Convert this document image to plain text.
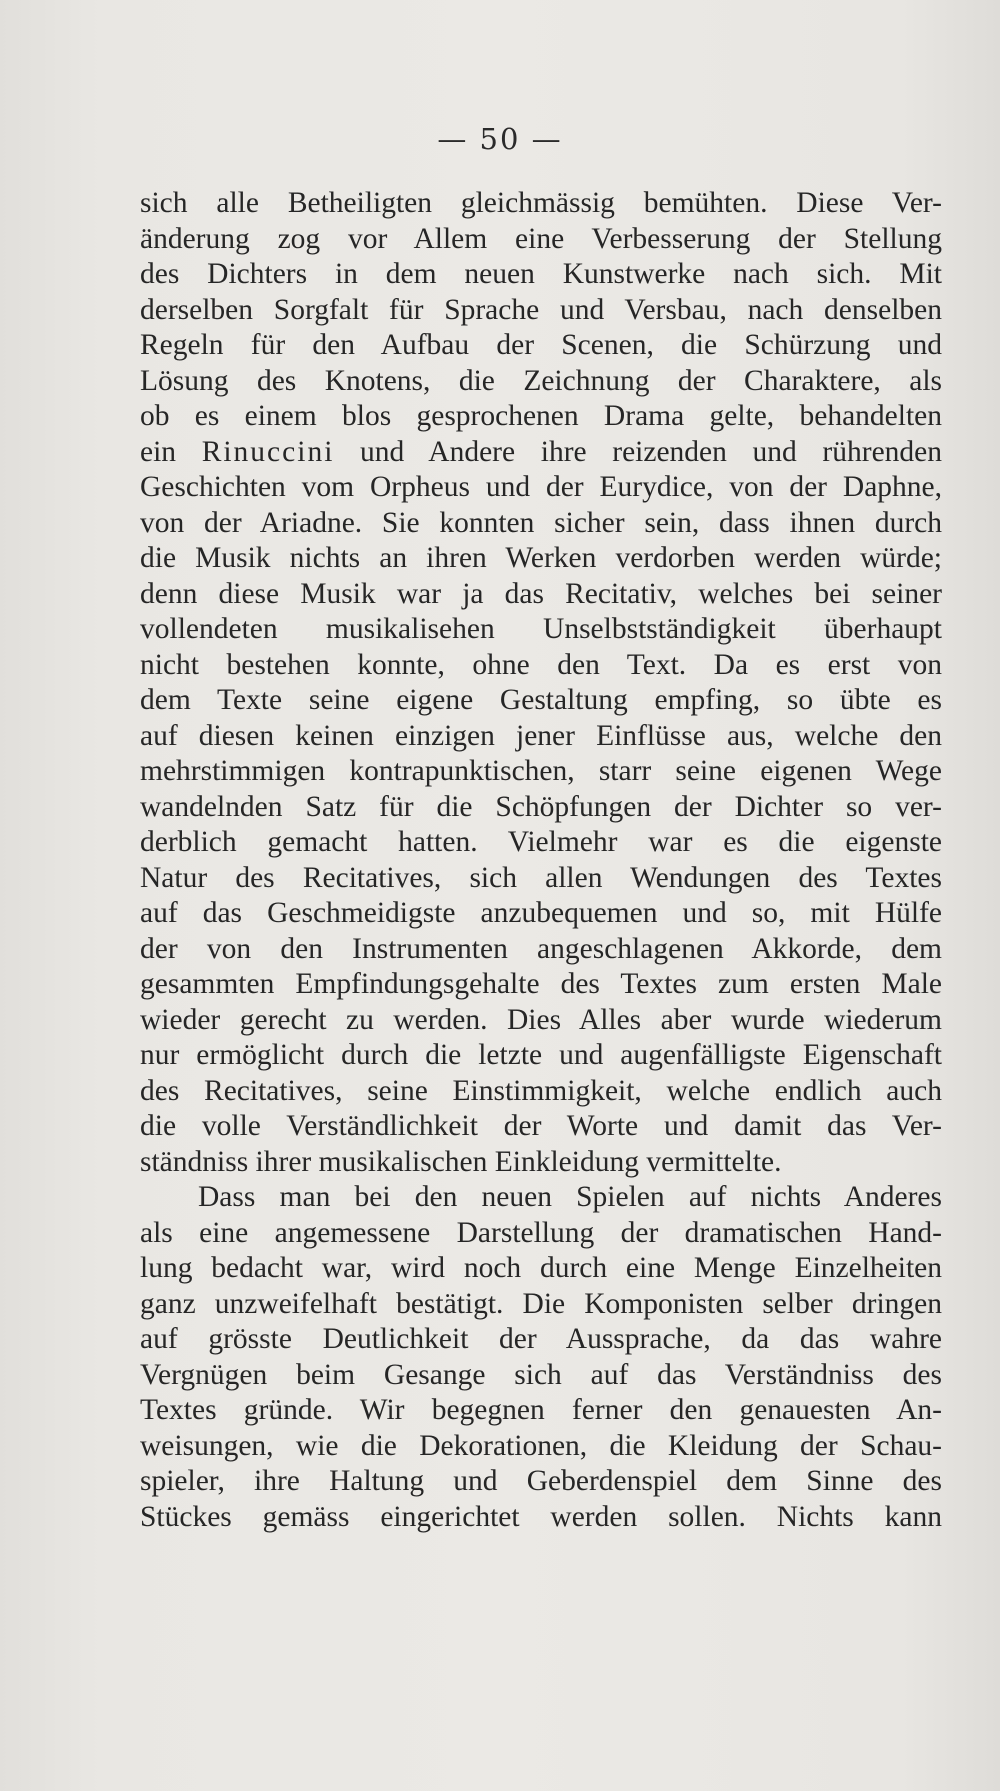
— 50 —
sich alle Betheiligten gleichmässig bemühten. Diese Ver-
änderung zog vor Allem eine Verbesserung der Stellung
des Dichters in dem neuen Kunstwerke nach sich. Mit
derselben Sorgfalt für Sprache und Versbau, nach denselben
Regeln für den Aufbau der Scenen, die Schürzung und
Lösung des Knotens, die Zeichnung der Charaktere, als
ob es einem blos gesprochenen Drama gelte, behandelten
ein Rinuccini und Andere ihre reizenden und rührenden
Geschichten vom Orpheus und der Eurydice, von der Daphne,
von der Ariadne. Sie konnten sicher sein, dass ihnen durch
die Musik nichts an ihren Werken verdorben werden würde;
denn diese Musik war ja das Recitativ, welches bei seiner
vollendeten musikalisehen Unselbstständigkeit überhaupt
nicht bestehen konnte, ohne den Text. Da es erst von
dem Texte seine eigene Gestaltung empfing, so übte es
auf diesen keinen einzigen jener Einflüsse aus, welche den
mehrstimmigen kontrapunktischen, starr seine eigenen Wege
wandelnden Satz für die Schöpfungen der Dichter so ver-
derblich gemacht hatten. Vielmehr war es die eigenste
Natur des Recitatives, sich allen Wendungen des Textes
auf das Geschmeidigste anzubequemen und so, mit Hülfe
der von den Instrumenten angeschlagenen Akkorde, dem
gesammten Empfindungsgehalte des Textes zum ersten Male
wieder gerecht zu werden. Dies Alles aber wurde wiederum
nur ermöglicht durch die letzte und augenfälligste Eigenschaft
des Recitatives, seine Einstimmigkeit, welche endlich auch
die volle Verständlichkeit der Worte und damit das Ver-
ständniss ihrer musikalischen Einkleidung vermittelte.
Dass man bei den neuen Spielen auf nichts Anderes
als eine angemessene Darstellung der dramatischen Hand-
lung bedacht war, wird noch durch eine Menge Einzelheiten
ganz unzweifelhaft bestätigt. Die Komponisten selber dringen
auf grösste Deutlichkeit der Aussprache, da das wahre
Vergnügen beim Gesange sich auf das Verständniss des
Textes gründe. Wir begegnen ferner den genauesten An-
weisungen, wie die Dekorationen, die Kleidung der Schau-
spieler, ihre Haltung und Geberdenspiel dem Sinne des
Stückes gemäss eingerichtet werden sollen. Nichts kann
